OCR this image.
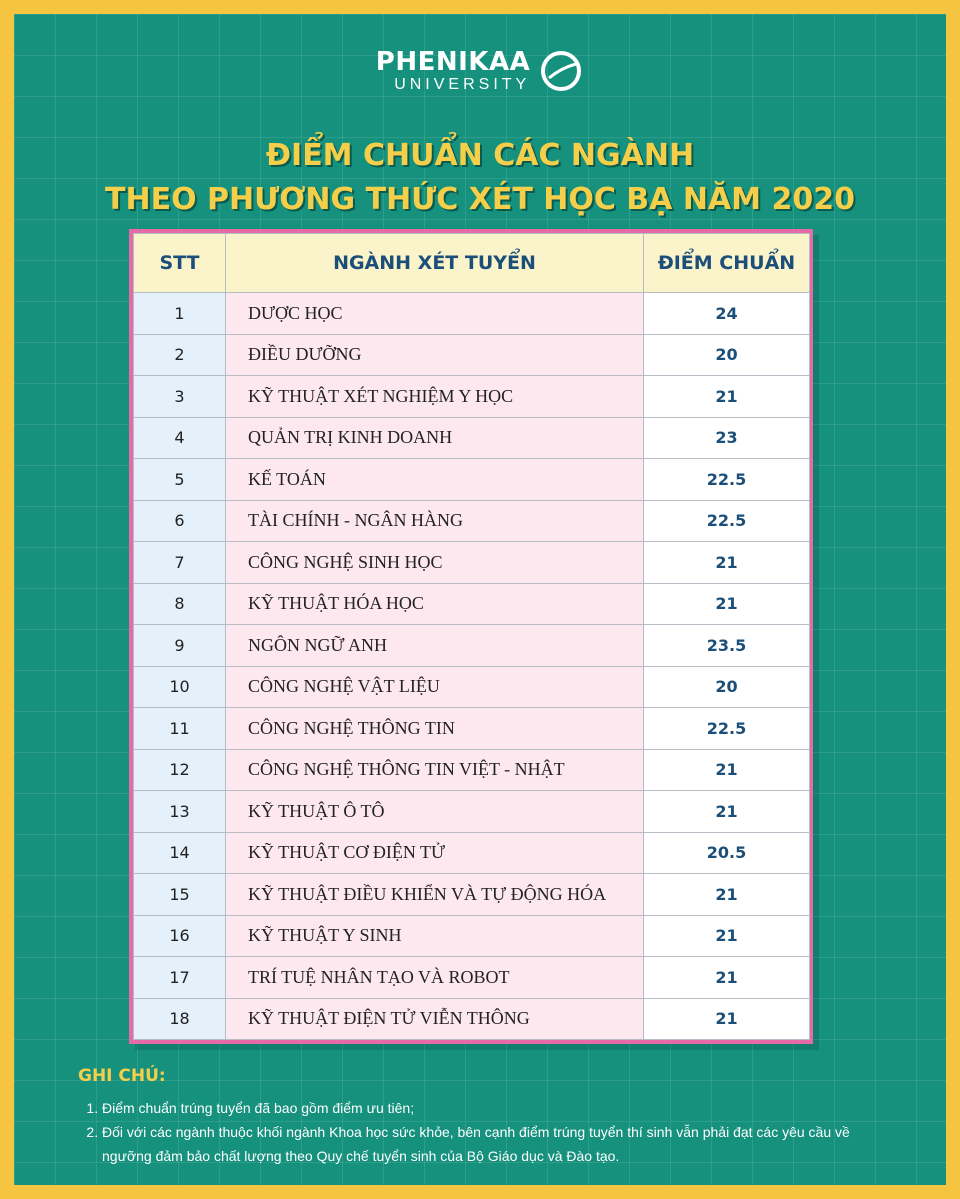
PHENIKAA
UNIVERSITY
ĐIỂM CHUẨN CÁC NGÀNH
THEO PHƯƠNG THỨC XÉT HỌC BẠ NĂM 2020
STT	NGÀNH XÉT TUYỂN	ĐIỂM CHUẨN
1	DƯỢC HỌC	24
2	ĐIỀU DƯỠNG	20
3	KỸ THUẬT XÉT NGHIỆM Y HỌC	21
4	QUẢN TRỊ KINH DOANH	23
5	KẾ TOÁN	22.5
6	TÀI CHÍNH - NGÂN HÀNG	22.5
7	CÔNG NGHỆ SINH HỌC	21
8	KỸ THUẬT HÓA HỌC	21
9	NGÔN NGỮ ANH	23.5
10	CÔNG NGHỆ VẬT LIỆU	20
11	CÔNG NGHỆ THÔNG TIN	22.5
12	CÔNG NGHỆ THÔNG TIN VIỆT - NHẬT	21
13	KỸ THUẬT Ô TÔ	21
14	KỸ THUẬT CƠ ĐIỆN TỬ	20.5
15	KỸ THUẬT ĐIỀU KHIỂN VÀ TỰ ĐỘNG HÓA	21
16	KỸ THUẬT Y SINH	21
17	TRÍ TUỆ NHÂN TẠO VÀ ROBOT	21
18	KỸ THUẬT ĐIỆN TỬ VIỄN THÔNG	21
GHI CHÚ:
1. Điểm chuẩn trúng tuyển đã bao gồm điểm ưu tiên;
2. Đối với các ngành thuộc khối ngành Khoa học sức khỏe, bên cạnh điểm trúng tuyển thí sinh vẫn phải đạt các yêu cầu về ngưỡng đảm bảo chất lượng theo Quy chế tuyển sinh của Bộ Giáo dục và Đào tạo.
